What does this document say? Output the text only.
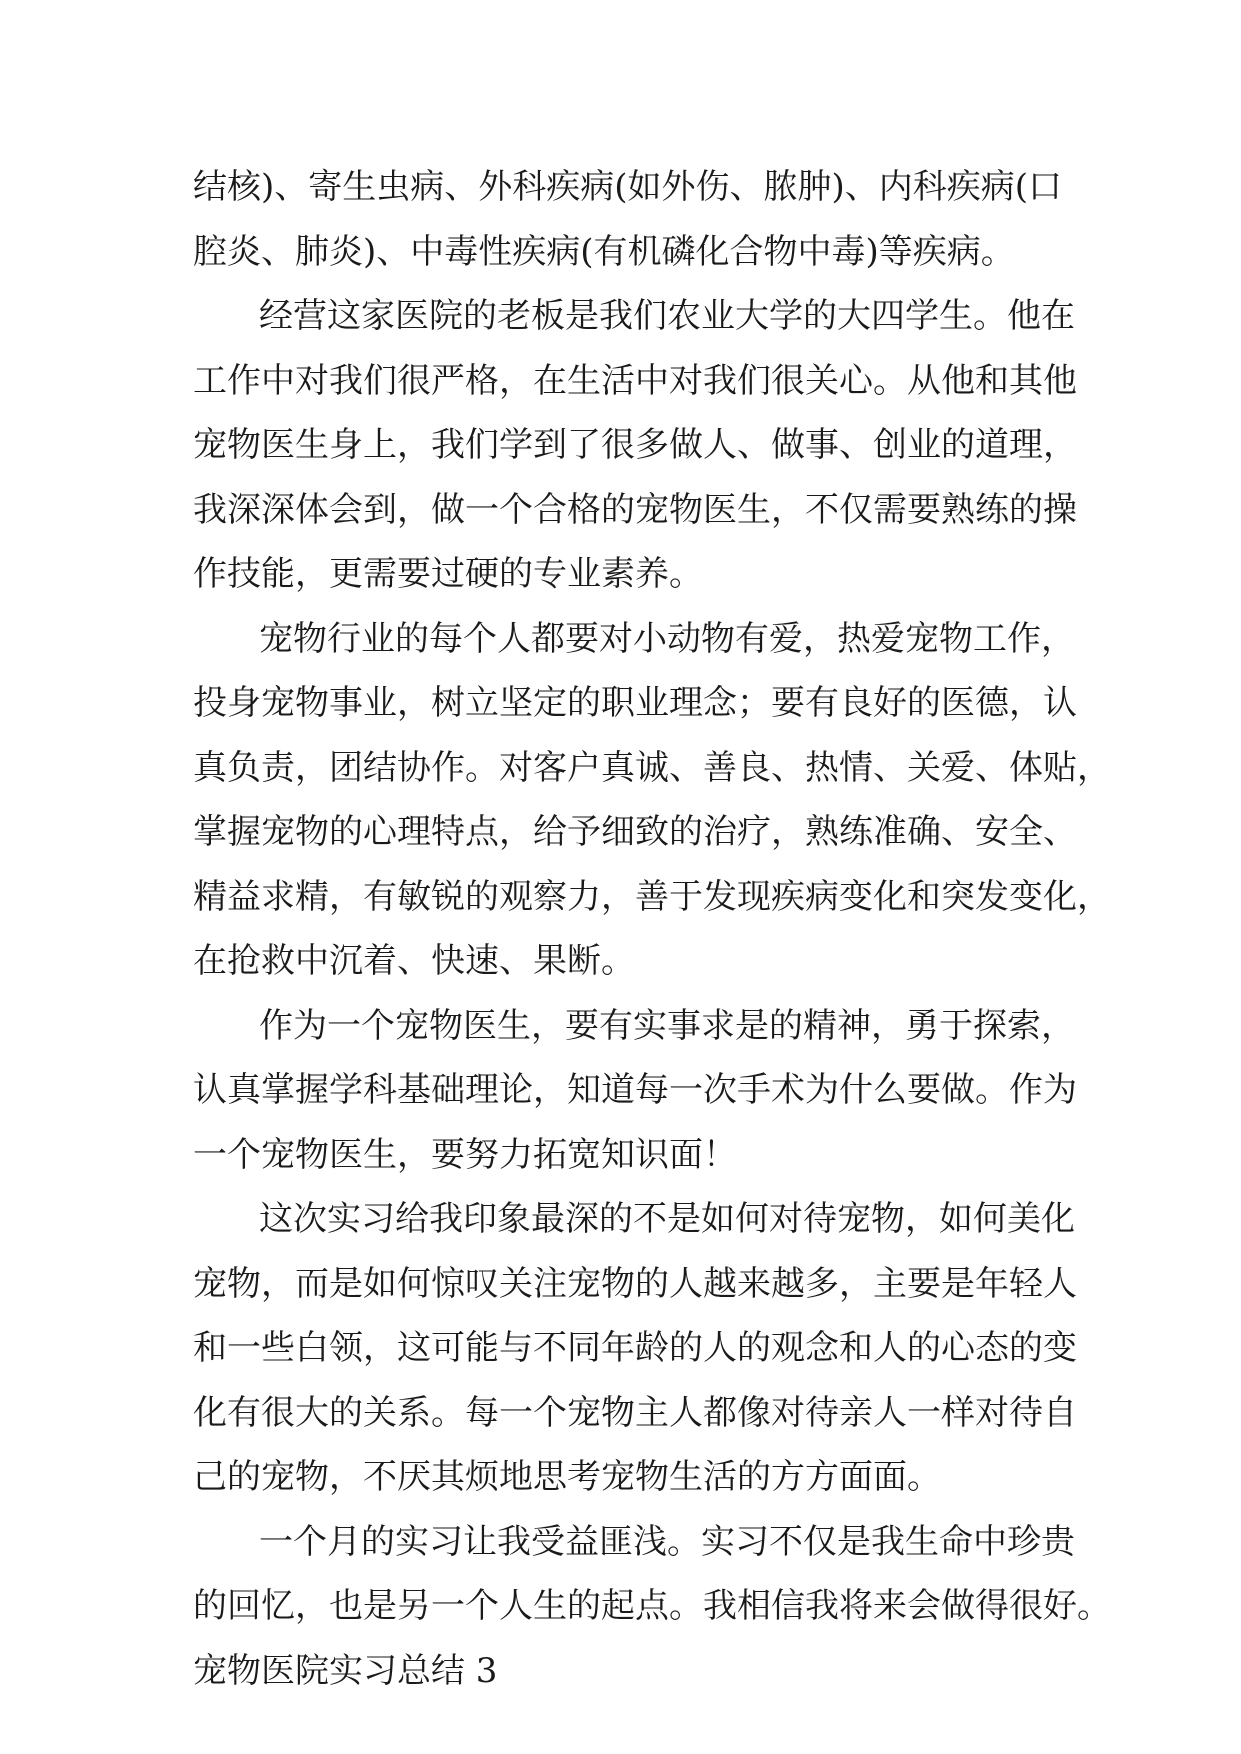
结核)、寄生虫病、外科疾病(如外伤、脓肿)、内科疾病(口
腔炎、肺炎)、中毒性疾病(有机磷化合物中毒)等疾病。
经营这家医院的老板是我们农业大学的大四学生。他在
工作中对我们很严格，在生活中对我们很关心。从他和其他
宠物医生身上，我们学到了很多做人、做事、创业的道理，
我深深体会到，做一个合格的宠物医生，不仅需要熟练的操
作技能，更需要过硬的专业素养。
宠物行业的每个人都要对小动物有爱，热爱宠物工作，
投身宠物事业，树立坚定的职业理念；要有良好的医德，认
真负责，团结协作。对客户真诚、善良、热情、关爱、体贴，
掌握宠物的心理特点，给予细致的治疗，熟练准确、安全、
精益求精，有敏锐的观察力，善于发现疾病变化和突发变化，
在抢救中沉着、快速、果断。
作为一个宠物医生，要有实事求是的精神，勇于探索，
认真掌握学科基础理论，知道每一次手术为什么要做。作为
一个宠物医生，要努力拓宽知识面！
这次实习给我印象最深的不是如何对待宠物，如何美化
宠物，而是如何惊叹关注宠物的人越来越多，主要是年轻人
和一些白领，这可能与不同年龄的人的观念和人的心态的变
化有很大的关系。每一个宠物主人都像对待亲人一样对待自
己的宠物，不厌其烦地思考宠物生活的方方面面。
一个月的实习让我受益匪浅。实习不仅是我生命中珍贵
的回忆，也是另一个人生的起点。我相信我将来会做得很好。
宠物医院实习总结 3
